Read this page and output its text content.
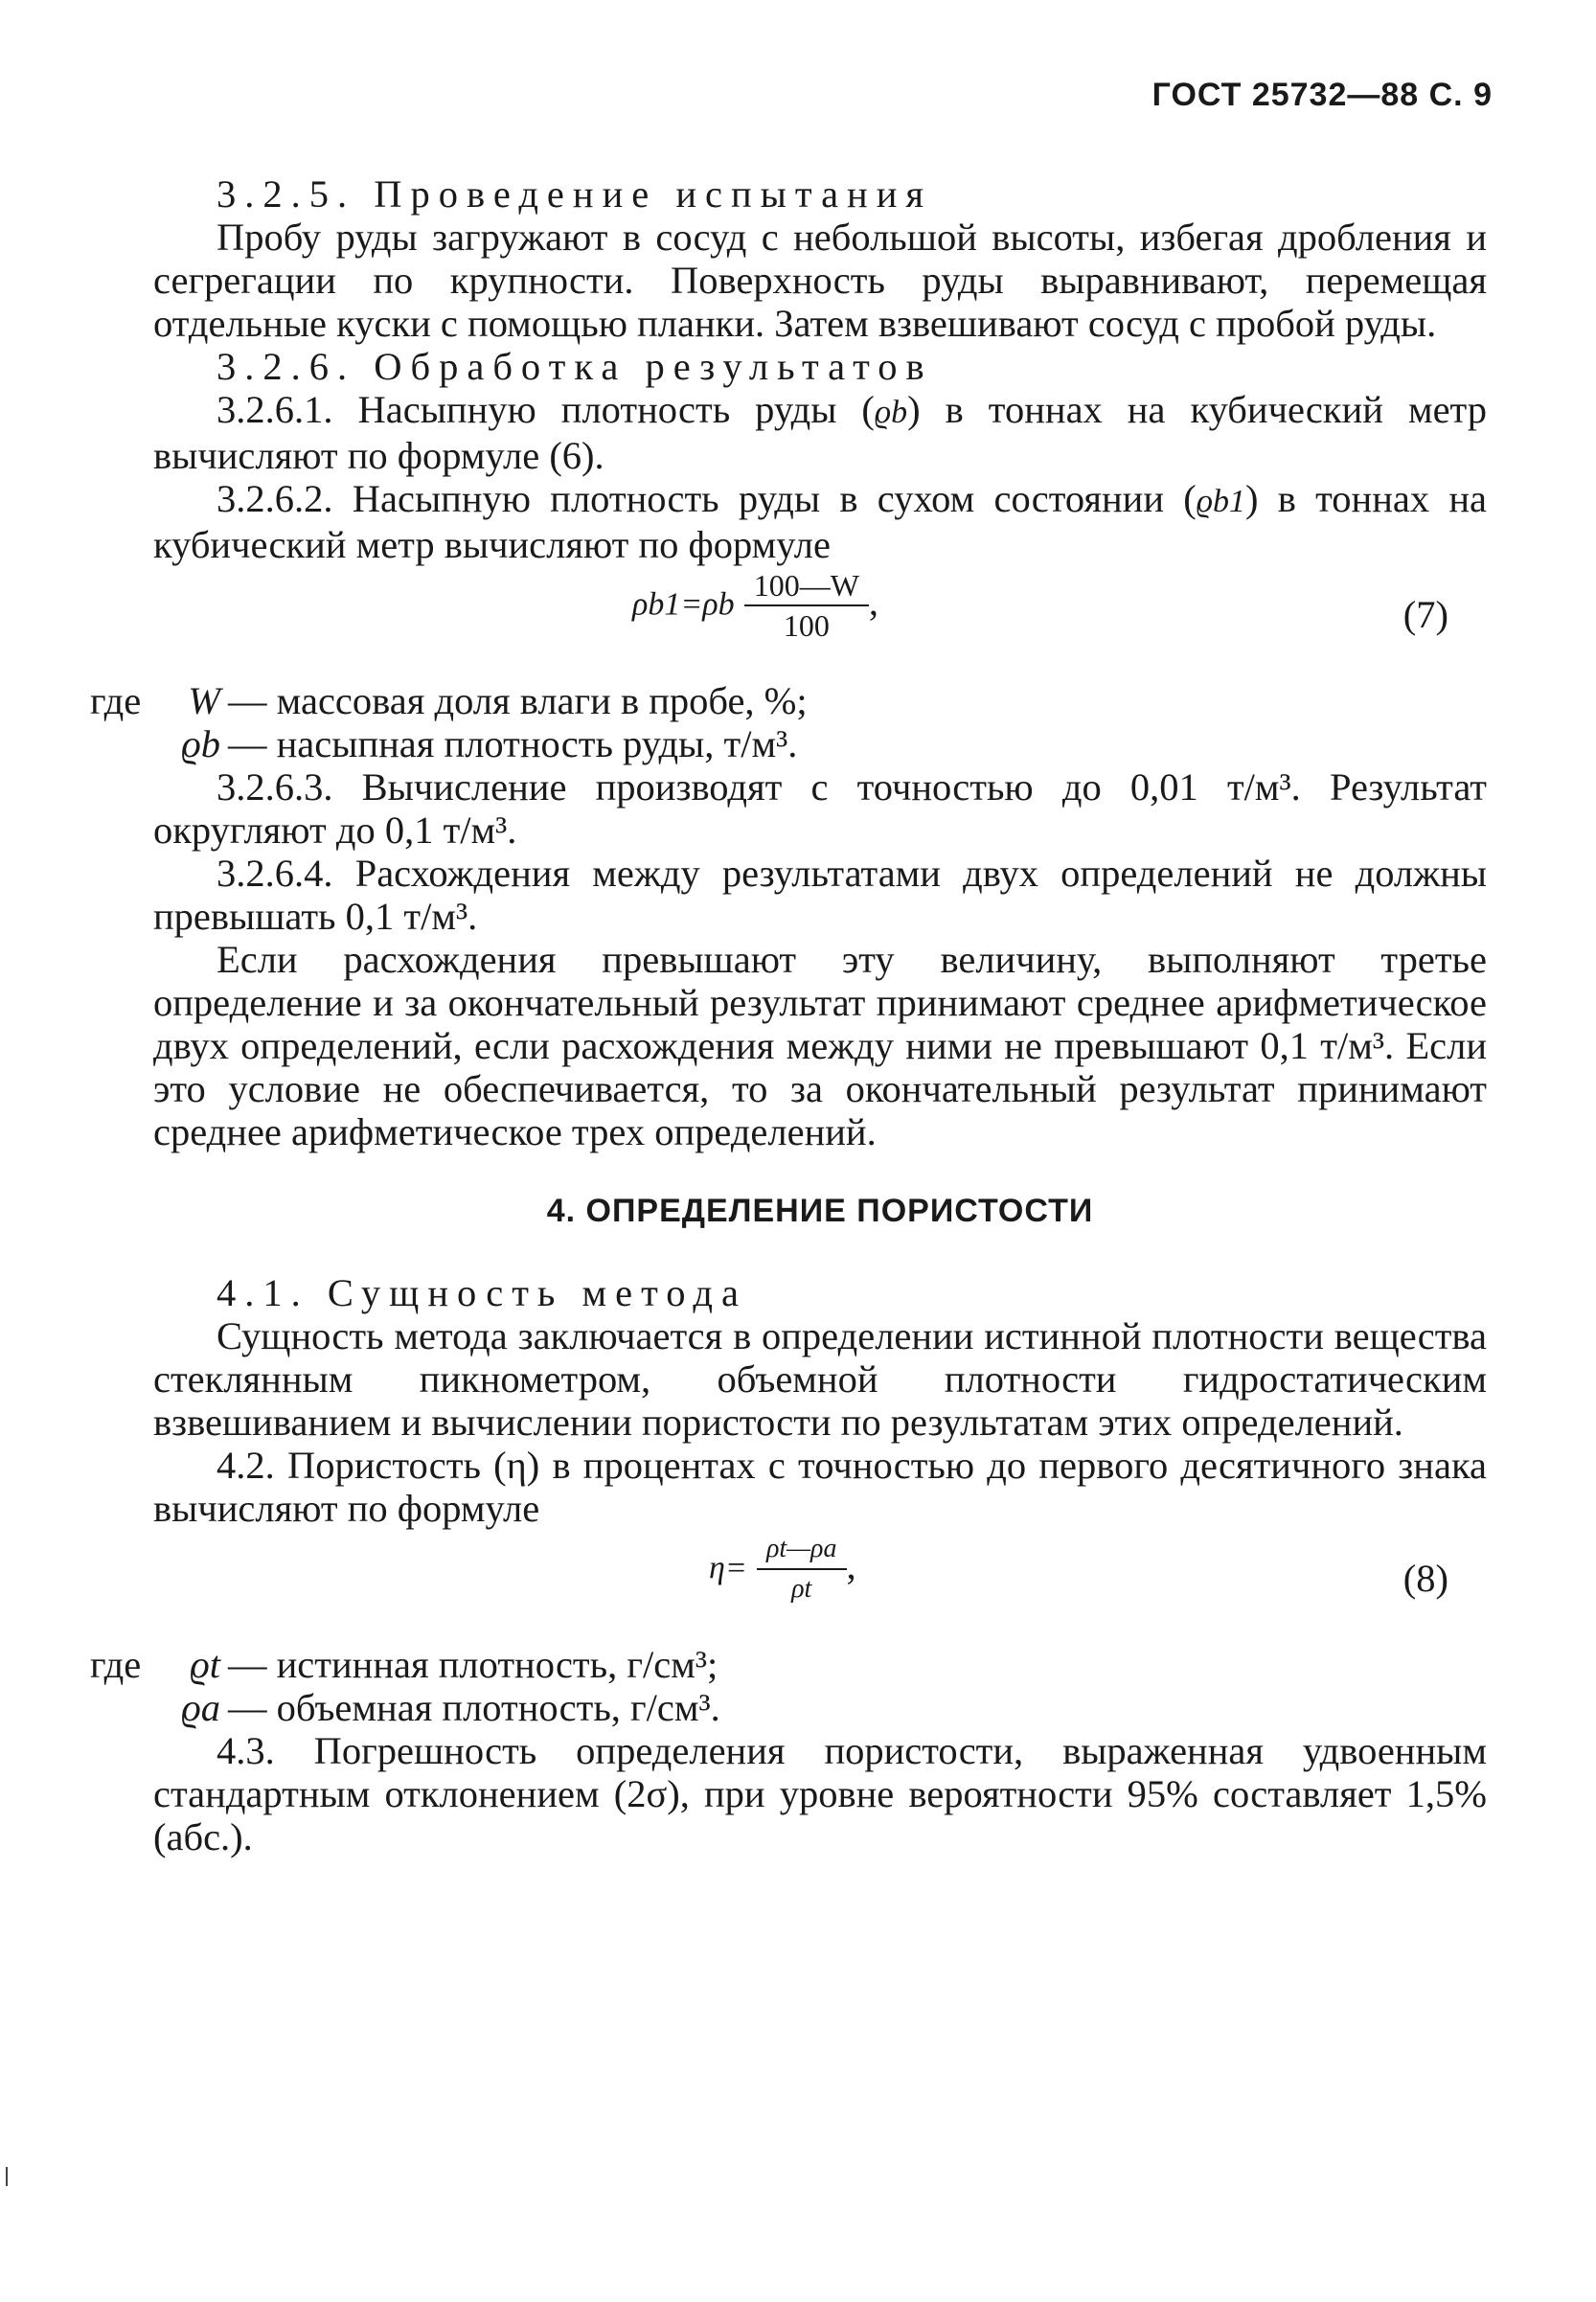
ГОСТ 25732—88 С. 9

3.2.5. Проведение испытания

Пробу руды загружают в сосуд с небольшой высоты, избегая дробления и сегрегации по крупности. Поверхность руды выравнивают, перемещая отдельные куски с помощью планки. Затем взвешивают сосуд с пробой руды.

3.2.6. Обработка результатов

3.2.6.1. Насыпную плотность руды (ϱb) в тоннах на кубический метр вычисляют по формуле (6).

3.2.6.2. Насыпную плотность руды в сухом состоянии (ϱb1) в тоннах на кубический метр вычисляют по формуле

$\rho b1=\rho b \frac{100—W}{100}$ ,	(7)
где	W — массовая доля влаги в пробе, %;
ϱb — насыпная плотность руды, т/м³.

3.2.6.3. Вычисление производят с точностью до 0,01 т/м³. Результат округляют до 0,1 т/м³.

3.2.6.4. Расхождения между результатами двух определений не должны превышать 0,1 т/м³.

Если расхождения превышают эту величину, выполняют третье определение и за окончательный результат принимают среднее арифметическое двух определений, если расхождения между ними не превышают 0,1 т/м³. Если это условие не обеспечивается, то за окончательный результат принимают среднее арифметическое трех определений.

4. ОПРЕДЕЛЕНИЕ ПОРИСТОСТИ

4.1. Сущность метода

Сущность метода заключается в определении истинной плотности вещества стеклянным пикнометром, объемной плотности гидростатическим взвешиванием и вычислении пористости по результатам этих определений.

4.2. Пористость (η) в процентах с точностью до первого десятичного знака вычисляют по формуле

$\eta= \frac{\rho t—\rho a}{\rho t}$ ,	(8)
где	ϱt — истинная плотность, г/см³;
ϱa — объемная плотность, г/см³.

4.3. Погрешность определения пористости, выраженная удвоенным стандартным отклонением (2σ), при уровне вероятности 95% составляет 1,5% (абс.).
